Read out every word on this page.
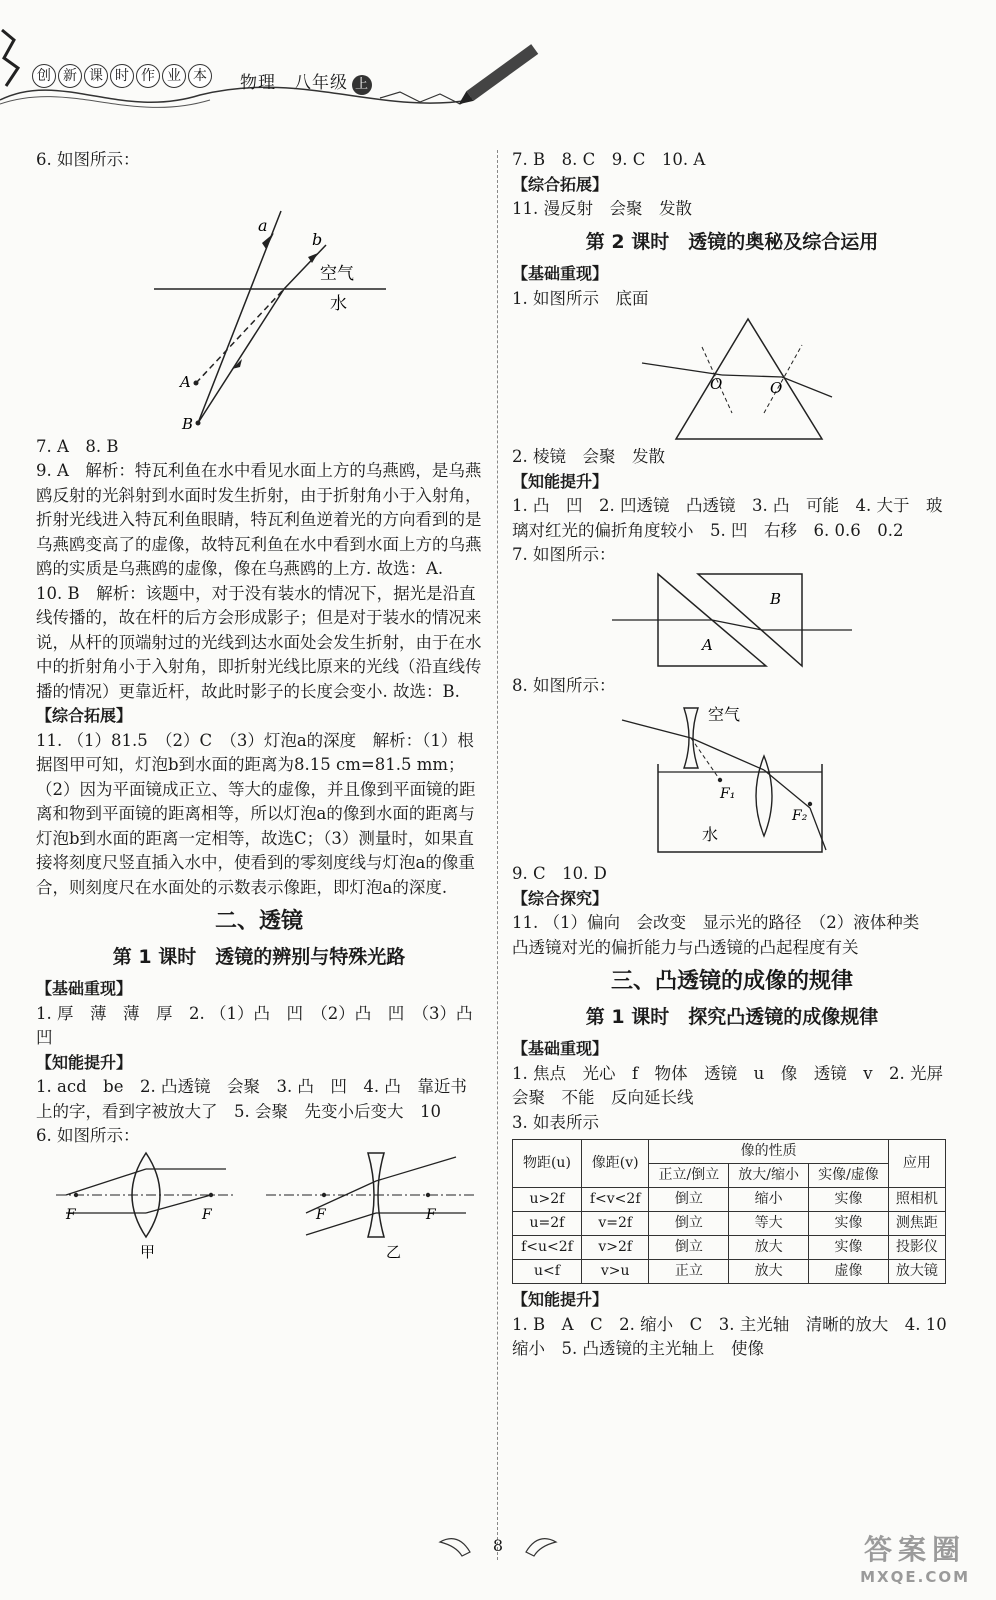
创 新 课 时 作 业 本 物理　八年级 上

6. 如图所示：

a
b
空气
水
A
B

7. A　8. B

9. A　解析：特瓦利鱼在水中看见水面上方的乌燕鸥，是乌燕鸥反射的光斜射到水面时发生折射，由于折射角小于入射角，折射光线进入特瓦利鱼眼睛，特瓦利鱼逆着光的方向看到的是乌燕鸥变高了的虚像，故特瓦利鱼在水中看到水面上方的乌燕鸥的实质是乌燕鸥的虚像，像在乌燕鸥的上方. 故选：A.

10. B　解析：该题中，对于没有装水的情况下，据光是沿直线传播的，故在杆的后方会形成影子；但是对于装水的情况来说，从杆的顶端射过的光线到达水面处会发生折射，由于在水中的折射角小于入射角，即折射光线比原来的光线（沿直线传播的情况）更靠近杆，故此时影子的长度会变小. 故选：B.

【综合拓展】

11. （1）81.5　（2）C　（3）灯泡a的深度　解析：（1）根据图甲可知，灯泡b到水面的距离为8.15 cm=81.5 mm；（2）因为平面镜成正立、等大的虚像，并且像到平面镜的距离和物到平面镜的距离相等，所以灯泡a的像到水面的距离与灯泡b到水面的距离一定相等，故选C；（3）测量时，如果直接将刻度尺竖直插入水中，使看到的零刻度线与灯泡a的像重合，则刻度尺在水面处的示数表示像距，即灯泡a的深度.

二、透镜

第 1 课时　透镜的辨别与特殊光路

【基础重现】

1. 厚　薄　薄　厚　2. （1）凸　凹　（2）凸　凹　（3）凸　凹

【知能提升】

1. acd　be　2. 凸透镜　会聚　3. 凸　凹　4. 凸　靠近书上的字，看到字被放大了　5. 会聚　先变小后变大　10

6. 如图所示：

F	F
甲
F	F
乙

7. B　8. C　9. C　10. A

【综合拓展】

11. 漫反射　会聚　发散

第 2 课时　透镜的奥秘及综合运用

【基础重现】

1. 如图所示　底面

O	O

2. 棱镜　会聚　发散

【知能提升】

1. 凸　凹　2. 凹透镜　凸透镜　3. 凸　可能　4. 大于　玻璃对红光的偏折角度较小　5. 凹　右移　6. 0.6　0.2

7. 如图所示：

A
B

8. 如图所示：

空气
水
F₁
F₂

9. C　10. D

【综合探究】

11. （1）偏向　会改变　显示光的路径　（2）液体种类　凸透镜对光的偏折能力与凸透镜的凸起程度有关

三、凸透镜的成像的规律

第 1 课时　探究凸透镜的成像规律

【基础重现】

1. 焦点　光心　f　物体　透镜　u　像　透镜　v　2. 光屏　会聚　不能　反向延长线

3. 如表所示

物距(u)	像距(v)	像的性质			应用
		正立/倒立	放大/缩小	实像/虚像	
u>2f	f<v<2f	倒立	缩小	实像	照相机
u=2f	v=2f	倒立	等大	实像	测焦距
f<u<2f	v>2f	倒立	放大	实像	投影仪
u<f	v>u	正立	放大	虚像	放大镜

【知能提升】

1. B　A　C　2. 缩小　C　3. 主光轴　清晰的放大　4. 10　缩小　5. 凸透镜的主光轴上　使像

8	答案圈
MXQE.COM
